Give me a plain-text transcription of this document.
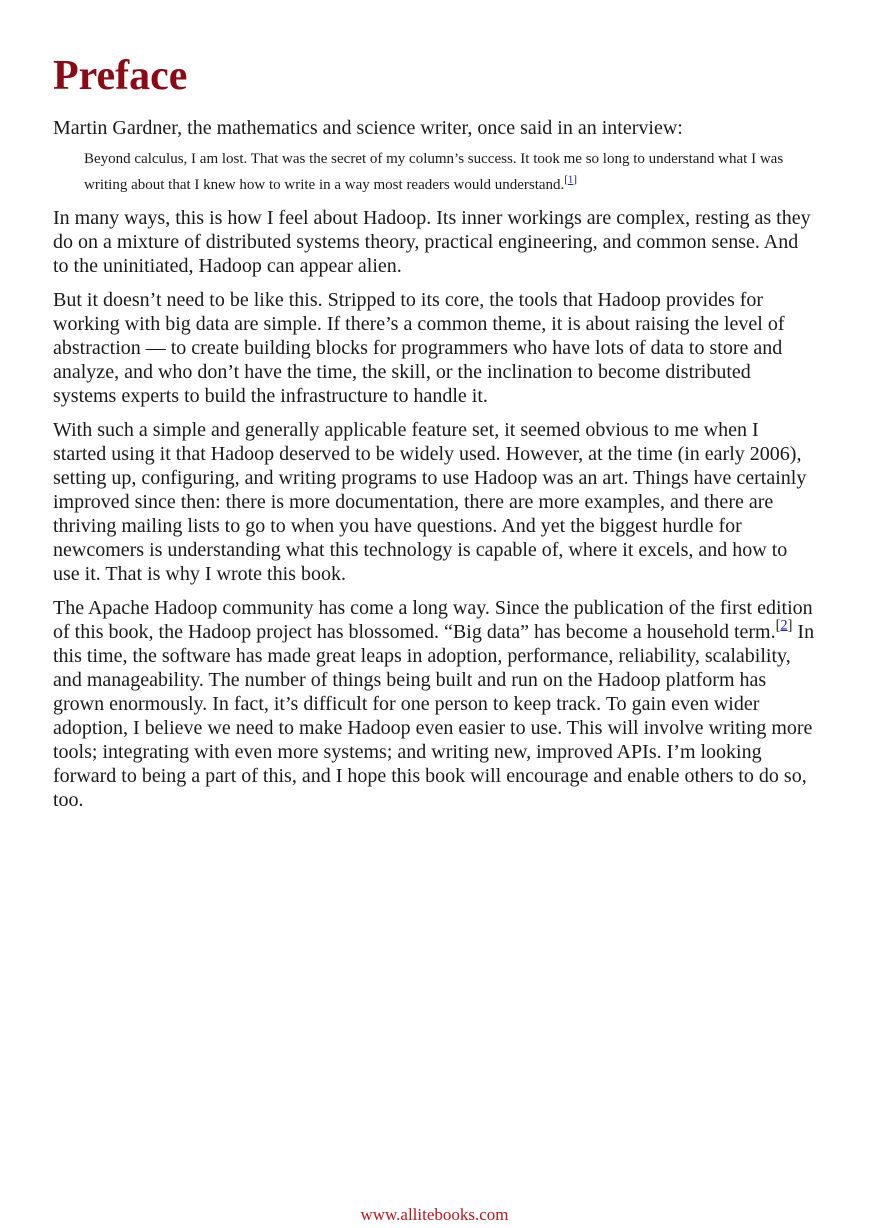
Preface

Martin Gardner, the mathematics and science writer, once said in an interview:

Beyond calculus, I am lost. That was the secret of my column’s success. It took me so long to understand what I was writing about that I knew how to write in a way most readers would understand.[1]

In many ways, this is how I feel about Hadoop. Its inner workings are complex, resting as they do on a mixture of distributed systems theory, practical engineering, and common sense. And to the uninitiated, Hadoop can appear alien.

But it doesn’t need to be like this. Stripped to its core, the tools that Hadoop provides for working with big data are simple. If there’s a common theme, it is about raising the level of abstraction — to create building blocks for programmers who have lots of data to store and analyze, and who don’t have the time, the skill, or the inclination to become distributed systems experts to build the infrastructure to handle it.

With such a simple and generally applicable feature set, it seemed obvious to me when I started using it that Hadoop deserved to be widely used. However, at the time (in early 2006), setting up, configuring, and writing programs to use Hadoop was an art. Things have certainly improved since then: there is more documentation, there are more examples, and there are thriving mailing lists to go to when you have questions. And yet the biggest hurdle for newcomers is understanding what this technology is capable of, where it excels, and how to use it. That is why I wrote this book.

The Apache Hadoop community has come a long way. Since the publication of the first edition of this book, the Hadoop project has blossomed. “Big data” has become a household term.[2] In this time, the software has made great leaps in adoption, performance, reliability, scalability, and manageability. The number of things being built and run on the Hadoop platform has grown enormously. In fact, it’s difficult for one person to keep track. To gain even wider adoption, I believe we need to make Hadoop even easier to use. This will involve writing more tools; integrating with even more systems; and writing new, improved APIs. I’m looking forward to being a part of this, and I hope this book will encourage and enable others to do so, too.

www.allitebooks.com
